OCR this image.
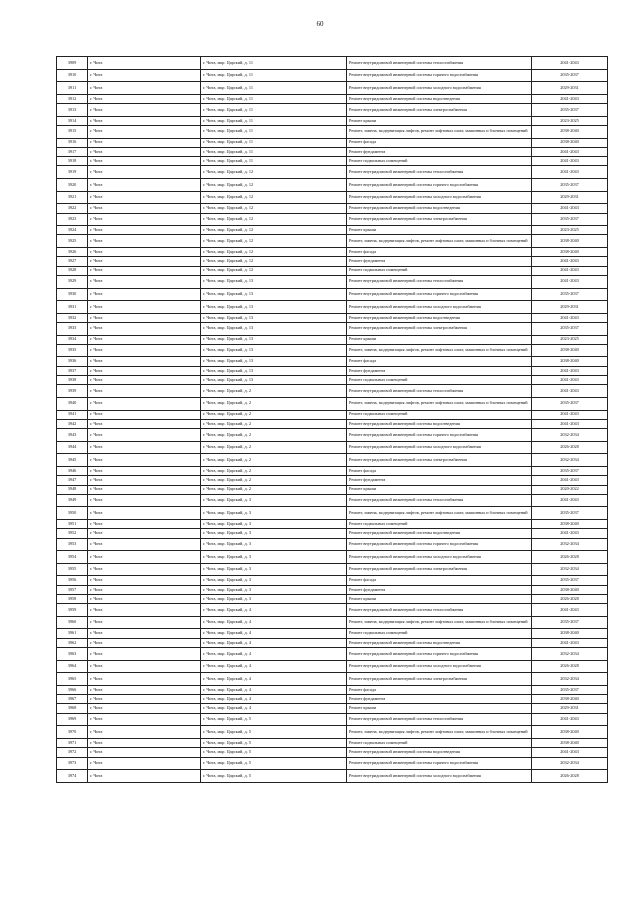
60
3909	г. Чита	г. Чита, мкр. Царский, д. 11	Ремонт внутридомовой инженерной системы теплоснабжения	2041-2043
3910	г. Чита	г. Чита, мкр. Царский, д. 11	Ремонт внутридомовой инженерной системы горячего водоснабжения	2035-2037
3911	г. Чита	г. Чита, мкр. Царский, д. 11	Ремонт внутридомовой инженерной системы холодного водоснабжения	2029-2031
3912	г. Чита	г. Чита, мкр. Царский, д. 11	Ремонт внутридомовой инженерной системы водоотведения	2041-2043
3913	г. Чита	г. Чита, мкр. Царский, д. 11	Ремонт внутридомовой инженерной системы электроснабжения	2035-2037
3914	г. Чита	г. Чита, мкр. Царский, д. 11	Ремонт крыши	2023-2025
3915	г. Чита	г. Чита, мкр. Царский, д. 11	Ремонт, замена, модернизация лифтов, ремонт лифтовых шахт, машинных и блочных помещений	2038-2040
3916	г. Чита	г. Чита, мкр. Царский, д. 11	Ремонт фасада	2038-2040
3917	г. Чита	г. Чита, мкр. Царский, д. 11	Ремонт фундамента	2041-2043
3918	г. Чита	г. Чита, мкр. Царский, д. 11	Ремонт подвальных помещений	2041-2043
3919	г. Чита	г. Чита, мкр. Царский, д. 12	Ремонт внутридомовой инженерной системы теплоснабжения	2041-2043
3920	г. Чита	г. Чита, мкр. Царский, д. 12	Ремонт внутридомовой инженерной системы горячего водоснабжения	2035-2037
3921	г. Чита	г. Чита, мкр. Царский, д. 12	Ремонт внутридомовой инженерной системы холодного водоснабжения	2029-2031
3922	г. Чита	г. Чита, мкр. Царский, д. 12	Ремонт внутридомовой инженерной системы водоотведения	2041-2043
3923	г. Чита	г. Чита, мкр. Царский, д. 12	Ремонт внутридомовой инженерной системы электроснабжения	2035-2037
3924	г. Чита	г. Чита, мкр. Царский, д. 12	Ремонт крыши	2023-2025
3925	г. Чита	г. Чита, мкр. Царский, д. 12	Ремонт, замена, модернизация лифтов, ремонт лифтовых шахт, машинных и блочных помещений	2038-2040
3926	г. Чита	г. Чита, мкр. Царский, д. 12	Ремонт фасада	2038-2040
3927	г. Чита	г. Чита, мкр. Царский, д. 12	Ремонт фундамента	2041-2043
3928	г. Чита	г. Чита, мкр. Царский, д. 12	Ремонт подвальных помещений	2041-2043
3929	г. Чита	г. Чита, мкр. Царский, д. 13	Ремонт внутридомовой инженерной системы теплоснабжения	2041-2043
3930	г. Чита	г. Чита, мкр. Царский, д. 13	Ремонт внутридомовой инженерной системы горячего водоснабжения	2035-2037
3931	г. Чита	г. Чита, мкр. Царский, д. 13	Ремонт внутридомовой инженерной системы холодного водоснабжения	2029-2031
3932	г. Чита	г. Чита, мкр. Царский, д. 13	Ремонт внутридомовой инженерной системы водоотведения	2041-2043
3933	г. Чита	г. Чита, мкр. Царский, д. 13	Ремонт внутридомовой инженерной системы электроснабжения	2035-2037
3934	г. Чита	г. Чита, мкр. Царский, д. 13	Ремонт крыши	2023-2025
3935	г. Чита	г. Чита, мкр. Царский, д. 13	Ремонт, замена, модернизация лифтов, ремонт лифтовых шахт, машинных и блочных помещений	2038-2040
3936	г. Чита	г. Чита, мкр. Царский, д. 13	Ремонт фасада	2038-2040
3937	г. Чита	г. Чита, мкр. Царский, д. 13	Ремонт фундамента	2041-2043
3938	г. Чита	г. Чита, мкр. Царский, д. 13	Ремонт подвальных помещений	2041-2043
3939	г. Чита	г. Чита, мкр. Царский, д. 2	Ремонт внутридомовой инженерной системы теплоснабжения	2041-2043
3940	г. Чита	г. Чита, мкр. Царский, д. 2	Ремонт, замена, модернизация лифтов, ремонт лифтовых шахт, машинных и блочных помещений	2035-2037
3941	г. Чита	г. Чита, мкр. Царский, д. 2	Ремонт подвальных помещений	2041-2043
3942	г. Чита	г. Чита, мкр. Царский, д. 2	Ремонт внутридомовой инженерной системы водоотведения	2041-2043
3943	г. Чита	г. Чита, мкр. Царский, д. 2	Ремонт внутридомовой инженерной системы горячего водоснабжения	2032-2034
3944	г. Чита	г. Чита, мкр. Царский, д. 2	Ремонт внутридомовой инженерной системы холодного водоснабжения	2026-2028
3945	г. Чита	г. Чита, мкр. Царский, д. 2	Ремонт внутридомовой инженерной системы электроснабжения	2032-2034
3946	г. Чита	г. Чита, мкр. Царский, д. 2	Ремонт фасада	2035-2037
3947	г. Чита	г. Чита, мкр. Царский, д. 2	Ремонт фундамента	2041-2043
3948	г. Чита	г. Чита, мкр. Царский, д. 2	Ремонт крыши	2020-2022
3949	г. Чита	г. Чита, мкр. Царский, д. 3	Ремонт внутридомовой инженерной системы теплоснабжения	2041-2043
3950	г. Чита	г. Чита, мкр. Царский, д. 3	Ремонт, замена, модернизация лифтов, ремонт лифтовых шахт, машинных и блочных помещений	2035-2037
3951	г. Чита	г. Чита, мкр. Царский, д. 3	Ремонт подвальных помещений	2038-2040
3952	г. Чита	г. Чита, мкр. Царский, д. 3	Ремонт внутридомовой инженерной системы водоотведения	2041-2043
3953	г. Чита	г. Чита, мкр. Царский, д. 3	Ремонт внутридомовой инженерной системы горячего водоснабжения	2032-2034
3954	г. Чита	г. Чита, мкр. Царский, д. 3	Ремонт внутридомовой инженерной системы холодного водоснабжения	2026-2028
3955	г. Чита	г. Чита, мкр. Царский, д. 3	Ремонт внутридомовой инженерной системы электроснабжения	2032-2034
3956	г. Чита	г. Чита, мкр. Царский, д. 3	Ремонт фасада	2035-2037
3957	г. Чита	г. Чита, мкр. Царский, д. 3	Ремонт фундамента	2038-2040
3958	г. Чита	г. Чита, мкр. Царский, д. 3	Ремонт крыши	2026-2028
3959	г. Чита	г. Чита, мкр. Царский, д. 4	Ремонт внутридомовой инженерной системы теплоснабжения	2041-2043
3960	г. Чита	г. Чита, мкр. Царский, д. 4	Ремонт, замена, модернизация лифтов, ремонт лифтовых шахт, машинных и блочных помещений	2035-2037
3961	г. Чита	г. Чита, мкр. Царский, д. 4	Ремонт подвальных помещений	2038-2040
3962	г. Чита	г. Чита, мкр. Царский, д. 4	Ремонт внутридомовой инженерной системы водоотведения	2041-2043
3963	г. Чита	г. Чита, мкр. Царский, д. 4	Ремонт внутридомовой инженерной системы горячего водоснабжения	2032-2034
3964	г. Чита	г. Чита, мкр. Царский, д. 4	Ремонт внутридомовой инженерной системы холодного водоснабжения	2026-2028
3965	г. Чита	г. Чита, мкр. Царский, д. 4	Ремонт внутридомовой инженерной системы электроснабжения	2032-2034
3966	г. Чита	г. Чита, мкр. Царский, д. 4	Ремонт фасада	2035-2037
3967	г. Чита	г. Чита, мкр. Царский, д. 4	Ремонт фундамента	2038-2040
3968	г. Чита	г. Чита, мкр. Царский, д. 4	Ремонт крыши	2029-2031
3969	г. Чита	г. Чита, мкр. Царский, д. 5	Ремонт внутридомовой инженерной системы теплоснабжения	2041-2043
3970	г. Чита	г. Чита, мкр. Царский, д. 5	Ремонт, замена, модернизация лифтов, ремонт лифтовых шахт, машинных и блочных помещений	2038-2040
3971	г. Чита	г. Чита, мкр. Царский, д. 5	Ремонт подвальных помещений	2038-2040
3972	г. Чита	г. Чита, мкр. Царский, д. 5	Ремонт внутридомовой инженерной системы водоотведения	2041-2043
3973	г. Чита	г. Чита, мкр. Царский, д. 5	Ремонт внутридомовой инженерной системы горячего водоснабжения	2032-2034
3974	г. Чита	г. Чита, мкр. Царский, д. 5	Ремонт внутридомовой инженерной системы холодного водоснабжения	2026-2028
